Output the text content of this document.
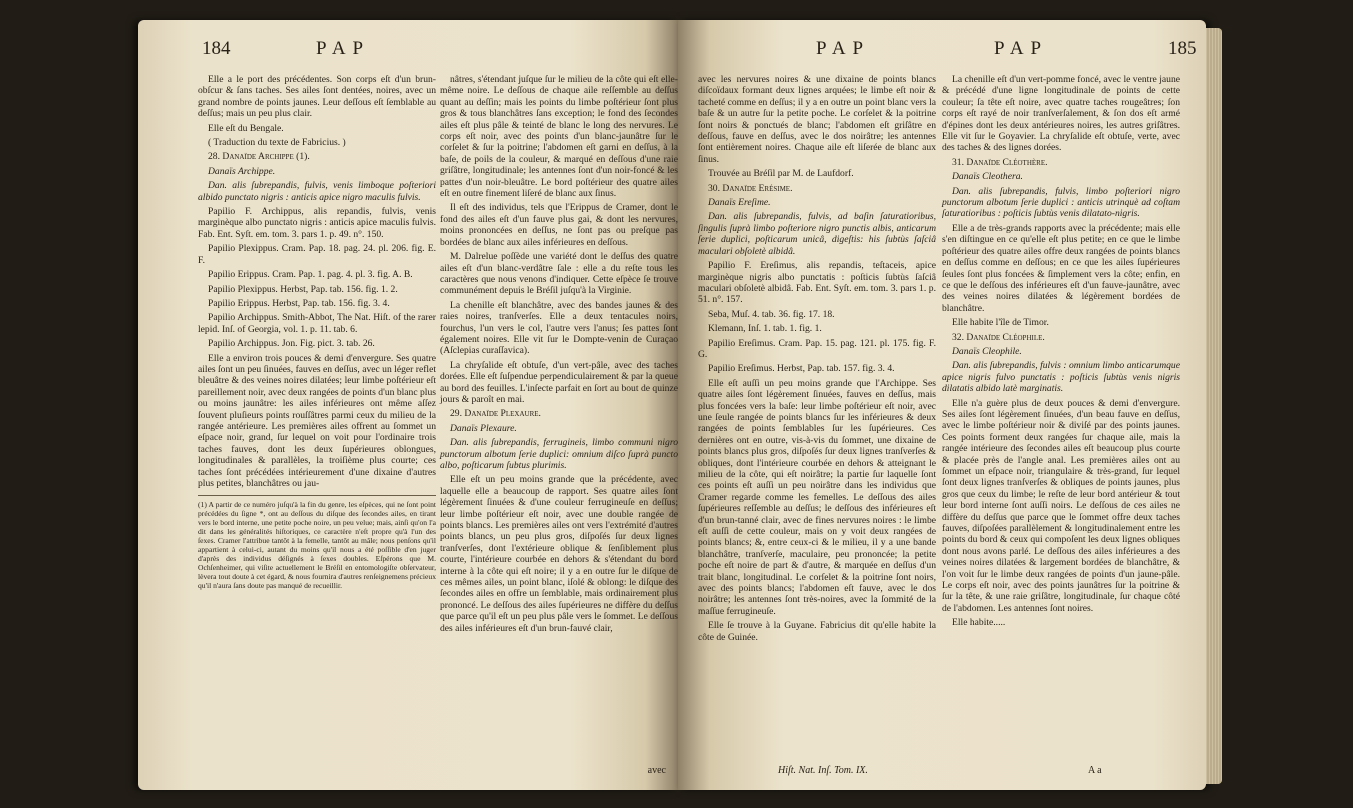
184	PAP

Elle a le port des précédentes. Son corps eſt d'un brun-obſcur & ſans taches. Ses ailes ſont dentées, noires, avec un grand nombre de points jaunes. Leur deſſous eſt ſemblable au deſſus; mais un peu plus clair.

Elle eſt du Bengale.

( Traduction du texte de Fabricius. )

28. Danaïde Archippe (1).

Danaïs Archippe.

Dan. alis ſubrepandis, fulvis, venis limboque poſteriori albido punctato nigris : anticis apice nigro maculis fulvis.

Papilio F. Archippus, alis repandis, fulvis, venis marginèque albo punctato nigris : anticis apice maculis fulvis. Fab. Ent. Syſt. em. tom. 3. pars 1. p. 49. n°. 150.

Papilio Plexippus. Cram. Pap. 18. pag. 24. pl. 206. fig. E. F.

Papilio Erippus. Cram. Pap. 1. pag. 4. pl. 3. fig. A. B.

Papilio Plexippus. Herbst, Pap. tab. 156. fig. 1. 2.

Papilio Erippus. Herbst, Pap. tab. 156. fig. 3. 4.

Papilio Archippus. Smith-Abbot, The Nat. Hiſt. of the rarer lepid. Inſ. of Georgia, vol. 1. p. 11. tab. 6.

Papilio Archippus. Jon. Fig. pict. 3. tab. 26.

Elle a environ trois pouces & demi d'envergure. Ses quatre ailes ſont un peu ſinuées, fauves en deſſus, avec un léger reflet bleuâtre & des veines noires dilatées; leur limbe poſtérieur eſt pareillement noir, avec deux rangées de points d'un blanc plus ou moins jaunâtre: les ailes inférieures ont même aſſez ſouvent pluſieurs points rouſſâtres parmi ceux du milieu de la rangée antérieure. Les premières ailes offrent au ſommet un eſpace noir, grand, ſur lequel on voit pour l'ordinaire trois taches fauves, dont les deux ſupérieures oblongues, longitudinales & parallèles, la troiſième plus courte; ces taches ſont précédées intérieurement d'une dixaine d'autres plus petites, blanchâtres ou jau-

(1) A partir de ce numéro juſqu'à la fin du genre, les eſpèces, qui ne ſont point précédées du ſigne *, ont au deſſous du diſque des ſecondes ailes, en tirant vers le bord interne, une petite poche noire, un peu velue; mais, ainſi qu'on l'a dit dans les généralités hiſtoriques, ce caractère n'eſt propre qu'à l'un des ſexes. Cramer l'attribue tantôt à la femelle, tantôt au mâle; nous penſons qu'il appartient à celui-ci, autant du moins qu'il nous a été poſſible d'en juger d'après des individus déſignés à ſexes doubles. Eſpérons que M. Ochſenheimer, qui viſite actuellement le Bréſil en entomologiſte obſervateur, lèvera tout doute à cet égard, & nous fournira d'autres renſeignemens précieux qu'il n'aura ſans doute pas manqué de recueillir.

nâtres, s'étendant juſque ſur le milieu de la côte qui eſt elle-même noire. Le deſſous de chaque aile reſſemble au deſſus quant au deſſin; mais les points du limbe poſtérieur ſont plus gros & tous blanchâtres ſans exception; le fond des ſecondes ailes eſt plus pâle & teinté de blanc le long des nervures. Le corps eſt noir, avec des points d'un blanc-jaunâtre ſur le corſelet & ſur la poitrine; l'abdomen eſt garni en deſſus, à la baſe, de poils de la couleur, & marqué en deſſous d'une raie griſâtre, longitudinale; les antennes ſont d'un noir-foncé & les pattes d'un noir-bleuâtre. Le bord poſtérieur des quatre ailes eſt en outre finement liſeré de blanc aux ſinus.

Il eſt des individus, tels que l'Erippus de Cramer, dont le fond des ailes eſt d'un fauve plus gai, & dont les nervures, moins prononcées en deſſus, ne ſont pas ou preſque pas bordées de blanc aux ailes inférieures en deſſous.

M. Dalrelue poſſède une variété dont le deſſus des quatre ailes eſt d'un blanc-verdâtre ſale : elle a du reſte tous les caractères que nous venons d'indiquer. Cette eſpèce ſe trouve communément depuis le Bréſil juſqu'à la Virginie.

La chenille eſt blanchâtre, avec des bandes jaunes & des raies noires, tranſverſes. Elle a deux tentacules noirs, fourchus, l'un vers le col, l'autre vers l'anus; ſes pattes ſont également noires. Elle vit ſur le Dompte-venin de Curaçao (Aſclepias curaſſavica).

La chryſalide eſt obtuſe, d'un vert-pâle, avec des taches dorées. Elle eſt ſuſpendue perpendiculairement & par la queue au bord des feuilles. L'inſecte parfait en ſort au bout de quinze jours & paroît en mai.

29. Danaïde Plexaure.

Danaïs Plexaure.

Dan. alis ſubrepandis, ferrugineis, limbo communi nigro punctorum albotum ſerie duplici: omnium diſco ſuprà puncto albo, poſticarum ſubtus plurimis.

Elle eſt un peu moins grande que la précédente, avec laquelle elle a beaucoup de rapport. Ses quatre ailes ſont légèrement ſinuées & d'une couleur ferrugineuſe en deſſus; leur limbe poſtérieur eſt noir, avec une double rangée de points blancs. Les premières ailes ont vers l'extrémité d'autres points blancs, un peu plus gros, diſpoſés ſur deux lignes tranſverſes, dont l'extérieure oblique & ſenſiblement plus courte, l'intérieure courbée en dehors & s'étendant du bord interne à la côte qui eſt noire; il y a en outre ſur le diſque de ces mêmes ailes, un point blanc, iſolé & oblong: le diſque des ſecondes ailes en offre un ſemblable, mais ordinairement plus prononcé. Le deſſous des ailes ſupérieures ne diffère du deſſus que parce qu'il eſt un peu plus pâle vers le ſommet. Le deſſous des ailes inférieures eſt d'un brun-fauvé clair,

avec
PAP	PAP	185

avec les nervures noires & une dixaine de points blancs diſcoïdaux formant deux lignes arquées; le limbe eſt noir & tacheté comme en deſſus; il y a en outre un point blanc vers la baſe & un autre ſur la petite poche. Le corſelet & la poitrine ſont noirs & ponctués de blanc; l'abdomen eſt griſâtre en deſſous, fauve en deſſus, avec le dos noirâtre; les antennes ſont entièrement noires. Chaque aile eſt liſerée de blanc aux ſinus.

Trouvée au Bréſil par M. de Laufdorf.

30. Danaïde Eréſime.

Danaïs Ereſime.

Dan. alis ſubrepandis, fulvis, ad baſin ſaturatioribus, ſingulis ſuprà limbo poſteriore nigro punctis albis, anticarum ſerie duplici, poſticarum unicâ, digeſtis: his ſubtùs ſaſciâ maculari obſoletè albidâ.

Papilio F. Ereſimus, alis repandis, teſtaceis, apice marginèque nigris albo punctatis : poſticis ſubtùs ſaſciâ maculari obſoletè albidâ. Fab. Ent. Syſt. em. tom. 3. pars 1. p. 51. n°. 157.

Seba, Muſ. 4. tab. 36. fig. 17. 18.

Klemann, Inſ. 1. tab. 1. fig. 1.

Papilio Ereſimus. Cram. Pap. 15. pag. 121. pl. 175. fig. F. G.

Papilio Ereſimus. Herbst, Pap. tab. 157. fig. 3. 4.

Elle eſt auſſi un peu moins grande que l'Archippe. Ses quatre ailes ſont légèrement ſinuées, fauves en deſſus, mais plus foncées vers la baſe: leur limbe poſtérieur eſt noir, avec une ſeule rangée de points blancs ſur les inférieures & deux rangées de points ſemblables ſur les ſupérieures. Ces dernières ont en outre, vis-à-vis du ſommet, une dixaine de points blancs plus gros, diſpoſés ſur deux lignes tranſverſes & obliques, dont l'intérieure courbée en dehors & atteignant le milieu de la côte, qui eſt noirâtre; la partie ſur laquelle ſont ces points eſt auſſi un peu noirâtre dans les individus que Cramer regarde comme les femelles. Le deſſous des ailes ſupérieures reſſemble au deſſus; le deſſous des inférieures eſt d'un brun-tanné clair, avec de fines nervures noires : le limbe eſt auſſi de cette couleur, mais on y voit deux rangées de points blancs; &, entre ceux-ci & le milieu, il y a une bande blanchâtre, tranſverſe, maculaire, peu prononcée; la petite poche eſt noire de part & d'autre, & marquée en deſſus d'un trait blanc, longitudinal. Le corſelet & la poitrine ſont noirs, avec des points blancs; l'abdomen eſt fauve, avec le dos noirâtre; les antennes ſont très-noires, avec la ſommité de la maſſue ferrugineuſe.

Elle ſe trouve à la Guyane. Fabricius dit qu'elle habite la côte de Guinée.

La chenille eſt d'un vert-pomme foncé, avec le ventre jaune & précédé d'une ligne longitudinale de points de cette couleur; ſa tête eſt noire, avec quatre taches rougeâtres; ſon corps eſt rayé de noir tranſverſalement, & ſon dos eſt armé d'épines dont les deux antérieures noires, les autres griſâtres. Elle vit ſur le Goyavier. La chryſalide eſt obtuſe, verte, avec des taches & des lignes dorées.

31. Danaïde Cléothère.

Danaïs Cleothera.

Dan. alis ſubrepandis, fulvis, limbo poſteriori nigro punctorum albotum ſerie duplici : anticis utrinquè ad coſtam ſaturatioribus : poſticis ſubtùs venis dilatato-nigris.

Elle a de très-grands rapports avec la précédente; mais elle s'en diſtingue en ce qu'elle eſt plus petite; en ce que le limbe poſtérieur des quatre ailes offre deux rangées de points blancs en deſſus comme en deſſous; en ce que les ailes ſupérieures ſeules ſont plus foncées & ſimplement vers la côte; enfin, en ce que le deſſous des inférieures eſt d'un fauve-jaunâtre, avec des veines noires dilatées & légèrement bordées de blanchâtre.

Elle habite l'île de Timor.

32. Danaïde Cléophile.

Danaïs Cleophile.

Dan. alis ſubrepandis, fulvis : omnium limbo anticarumque apice nigris fulvo punctatis : poſticis ſubtùs venis nigris dilatatis albido latè marginatis.

Elle n'a guère plus de deux pouces & demi d'envergure. Ses ailes ſont légèrement ſinuées, d'un beau fauve en deſſus, avec le limbe poſtérieur noir & diviſé par des points jaunes. Ces points forment deux rangées ſur chaque aile, mais la rangée intérieure des ſecondes ailes eſt beaucoup plus courte & placée près de l'angle anal. Les premières ailes ont au ſommet un eſpace noir, triangulaire & très-grand, ſur lequel ſont deux lignes tranſverſes & obliques de points jaunes, plus gros que ceux du limbe; le reſte de leur bord antérieur & tout leur bord interne ſont auſſi noirs. Le deſſous de ces ailes ne diffère du deſſus que parce que le ſommet offre deux taches fauves, diſpoſées parallèlement & longitudinalement entre les points du bord & ceux qui compoſent les deux lignes obliques dont nous avons parlé. Le deſſous des ailes inférieures a des veines noires dilatées & largement bordées de blanchâtre, & l'on voit ſur le limbe deux rangées de points d'un jaune-pâle. Le corps eſt noir, avec des points jaunâtres ſur la poitrine & ſur la tête, & une raie griſâtre, longitudinale, ſur chaque côté de l'abdomen. Les antennes ſont noires.

Elle habite.....

Hiſt. Nat. Inſ. Tom. IX.	A a
